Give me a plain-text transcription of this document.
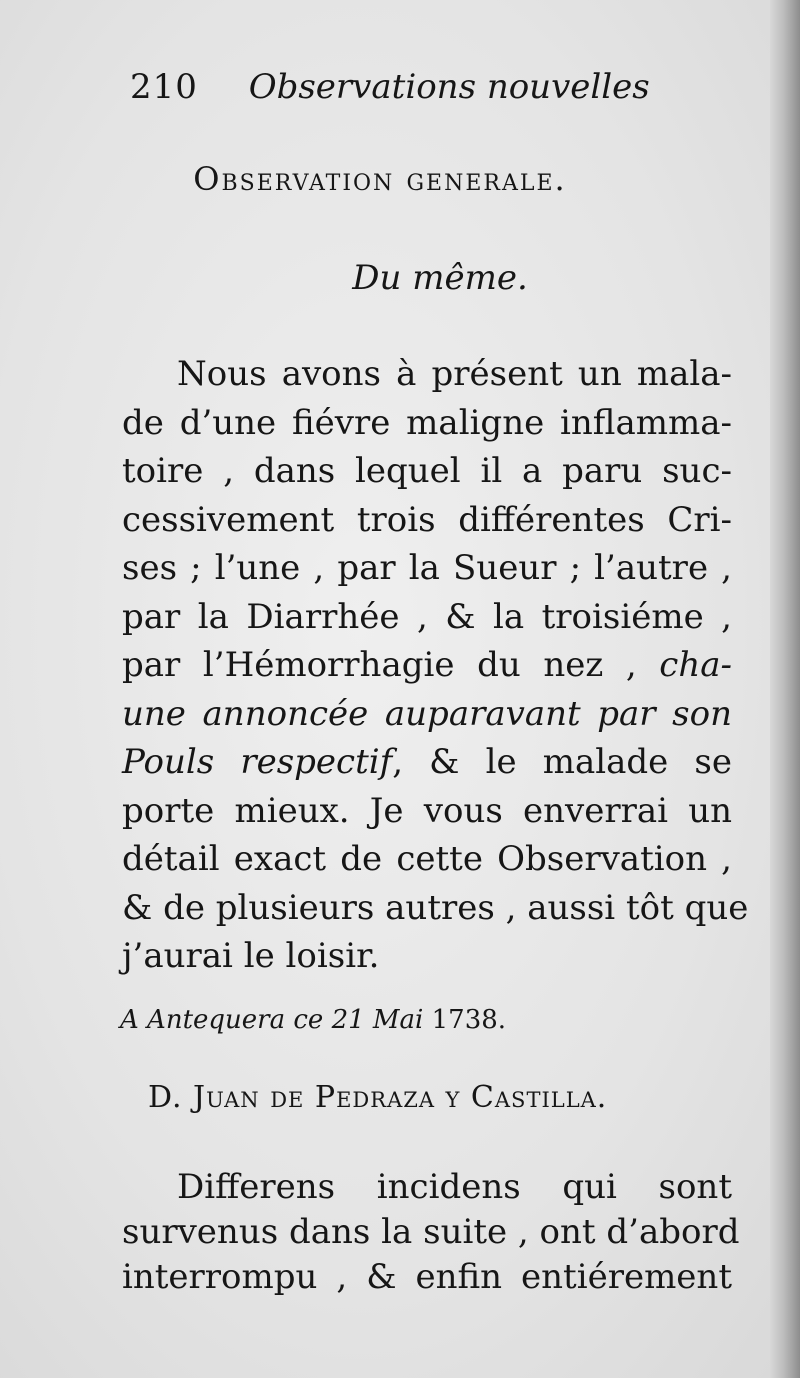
210 Observations nouvelles
Observation generale.
Du même.
Nous avons à présent un mala-
de d’une fiévre maligne inflamma-
toire , dans lequel il a paru suc-
cessivement trois différentes Cri-
ses ; l’une , par la Sueur ; l’autre ,
par la Diarrhée , & la troisiéme ,
par l’Hémorrhagie du nez , cha-
une annoncée auparavant par son
Pouls respectif, & le malade se
porte mieux. Je vous enverrai un
détail exact de cette Observation ,
& de plusieurs autres , aussi tôt que
j’aurai le loisir.
A Antequera ce 21 Mai 1738.
D. Juan de Pedraza y Castilla.
Differens incidens qui sont
survenus dans la suite , ont d’abord
interrompu , & enfin entiérement
